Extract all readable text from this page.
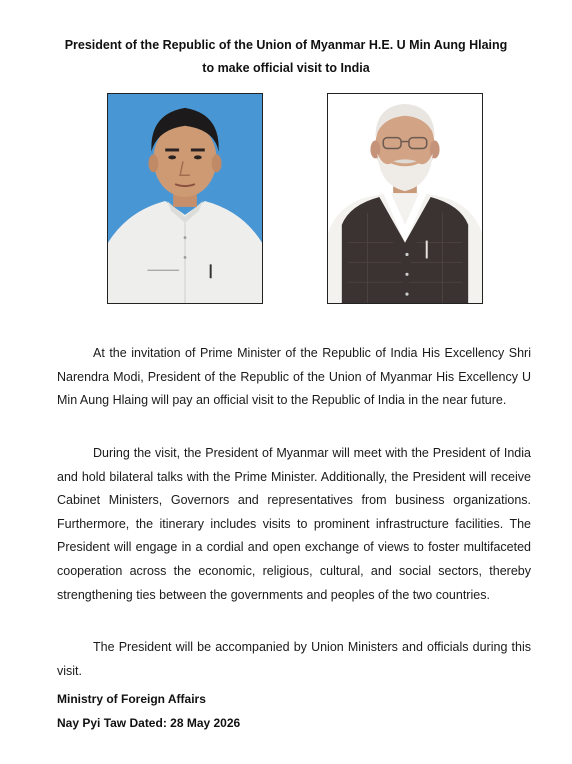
President of the Republic of the Union of Myanmar H.E. U Min Aung Hlaing
to make official visit to India

At the invitation of Prime Minister of the Republic of India His Excellency Shri Narendra Modi, President of the Republic of the Union of Myanmar His Excellency U Min Aung Hlaing will pay an official visit to the Republic of India in the near future.

During the visit, the President of Myanmar will meet with the President of India and hold bilateral talks with the Prime Minister. Additionally, the President will receive Cabinet Ministers, Governors and representatives from business organizations. Furthermore, the itinerary includes visits to prominent infrastructure facilities. The President will engage in a cordial and open exchange of views to foster multifaceted cooperation across the economic, religious, cultural, and social sectors, thereby strengthening ties between the governments and peoples of the two countries.

The President will be accompanied by Union Ministers and officials during this visit.

Ministry of Foreign Affairs

Nay Pyi Taw Dated: 28 May 2026
